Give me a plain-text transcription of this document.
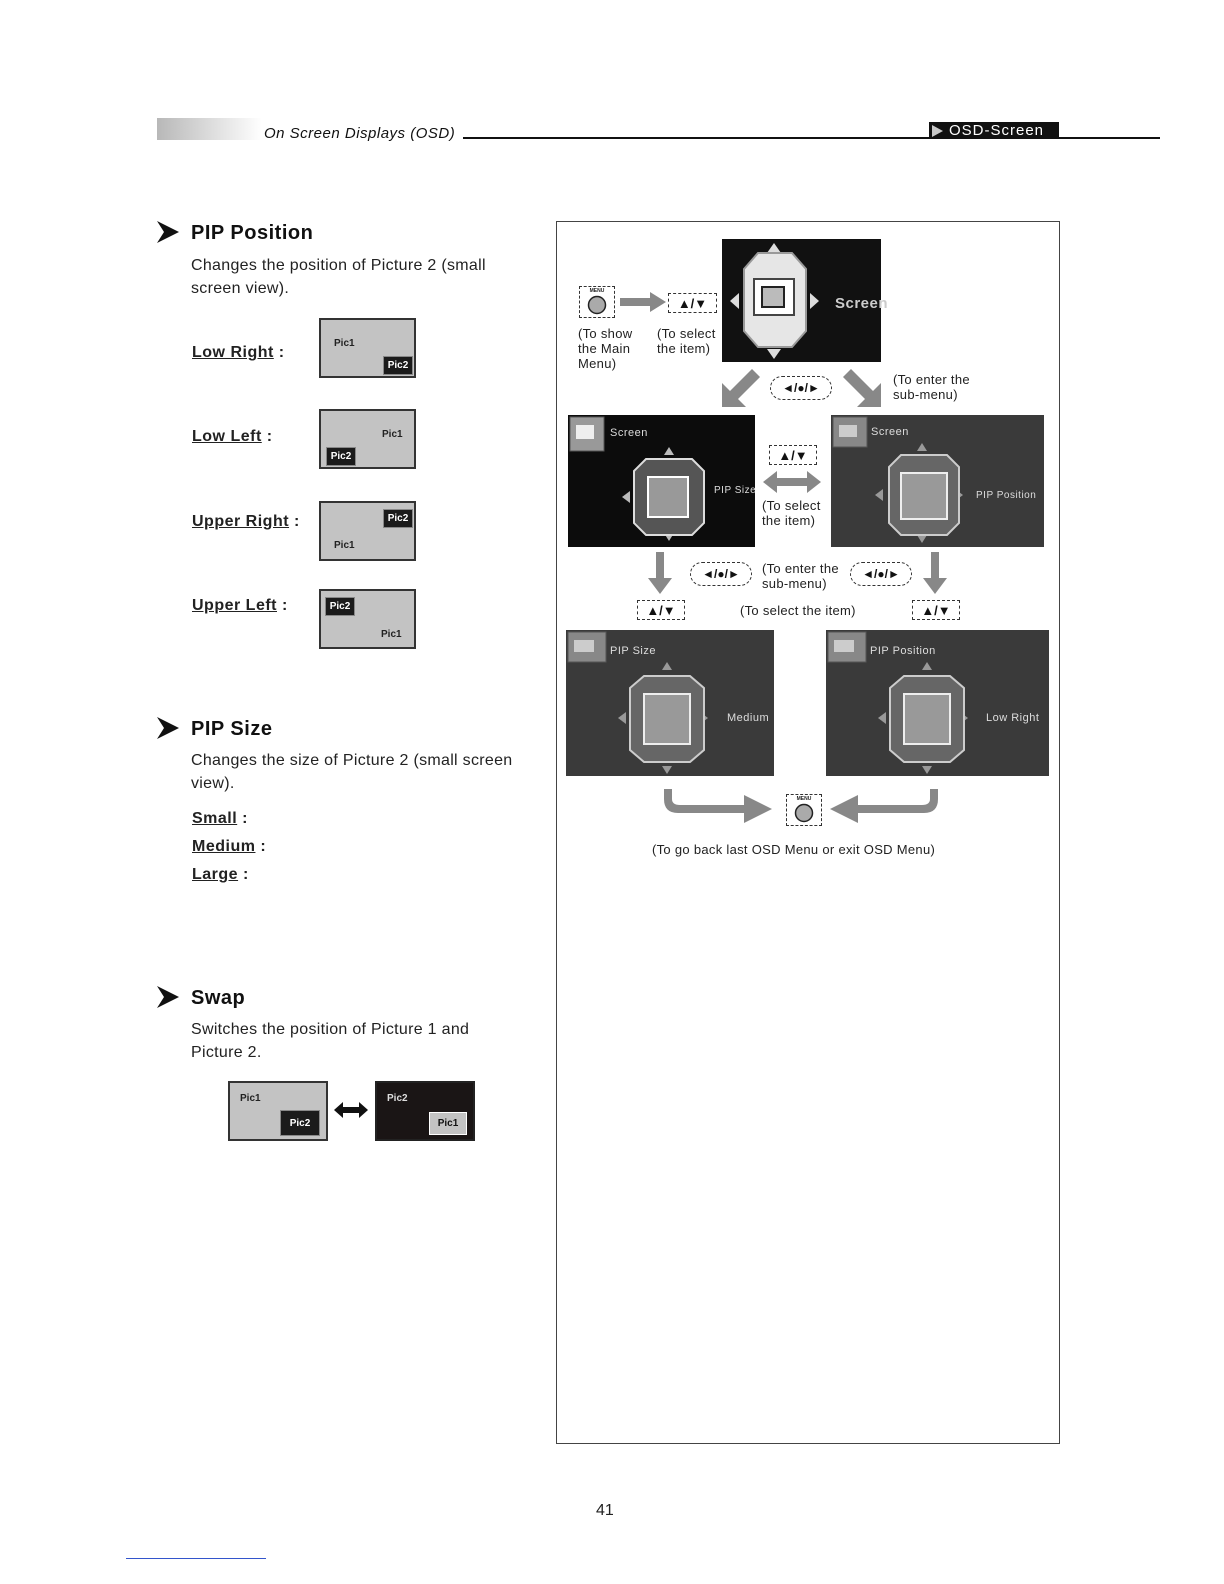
On Screen Displays (OSD)	OSD-Screen
PIP Position
Changes the position of Picture 2 (small screen view).
Low Right :
Pic1
Pic2
Low Left :	Pic1
Pic2
Upper Right :	Pic2
Pic1
Upper Left :	Pic2
Pic1
PIP Size
Changes the size of Picture 2 (small screen view).
Small :
Medium :
Large :
Swap
Switches the position of Picture 1 and Picture 2.
Pic1
Pic2
Pic2
Pic1
MENU
▲/▼
(To show the Main Menu)
(To select the item)
Screen
◄/●/►
(To enter the sub-menu)
Screen
PIP Size
▲/▼
(To select the item)
Screen
PIP Position
◄/●/►	(To enter the sub-menu)
◄/●/►
▲/▼	(To select the item)	▲/▼
PIP Size
Medium
PIP Position
Low Right
MENU
(To go back last OSD Menu or exit OSD Menu)
41
